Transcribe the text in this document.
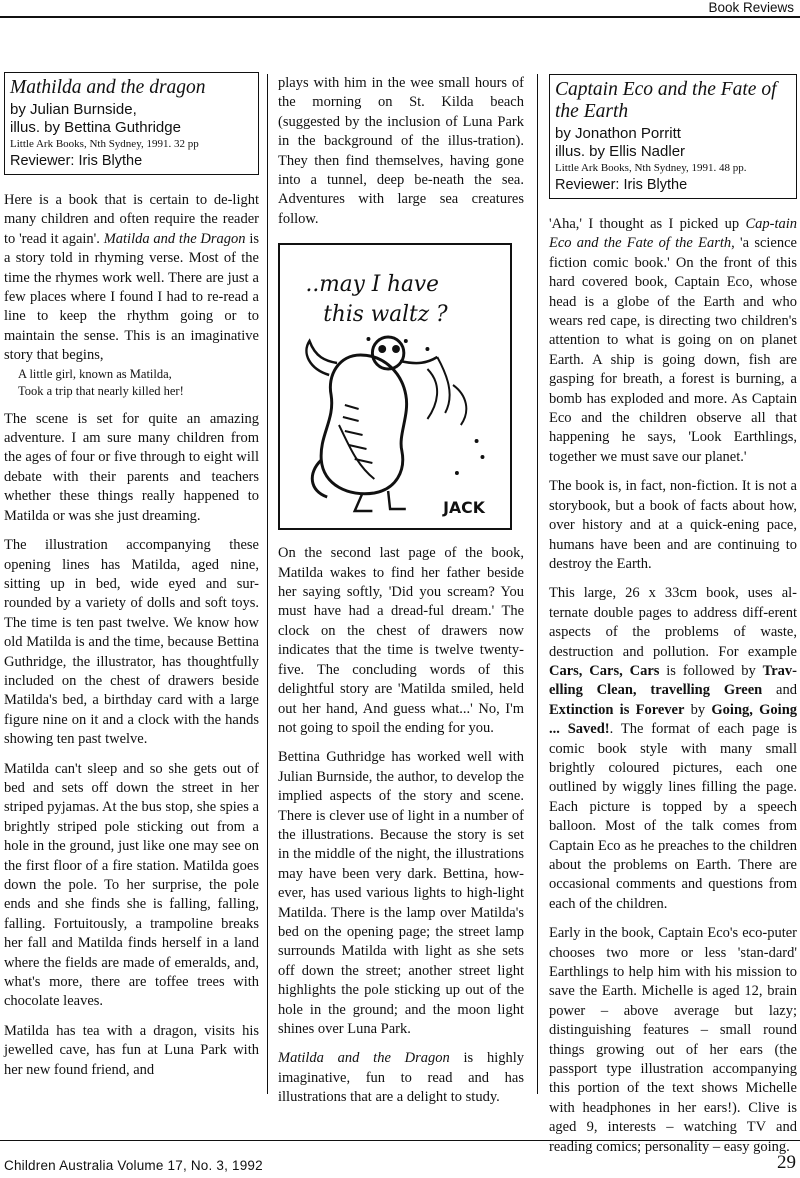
Book Reviews
Mathilda and the dragon
by Julian Burnside,
illus. by Bettina Guthridge
Little Ark Books, Nth Sydney, 1991. 32 pp
Reviewer: Iris Blythe

Here is a book that is certain to de-light many children and often require the reader to 'read it again'. Matilda and the Dragon is a story told in rhyming verse. Most of the time the rhymes work well. There are just a few places where I found I had to re-read a line to keep the rhythm going or to maintain the sense. This is an imaginative story that begins,

A little girl, known as Matilda,
Took a trip that nearly killed her!

The scene is set for quite an amazing adventure. I am sure many children from the ages of four or five through to eight will debate with their parents and teachers whether these things really happened to Matilda or was she just dreaming.

The illustration accompanying these opening lines has Matilda, aged nine, sitting up in bed, wide eyed and sur-rounded by a variety of dolls and soft toys. The time is ten past twelve. We know how old Matilda is and the time, because Bettina Guthridge, the illustrator, has thoughtfully included on the chest of drawers beside Matilda's bed, a birthday card with a large figure nine on it and a clock with the hands showing ten past twelve.

Matilda can't sleep and so she gets out of bed and sets off down the street in her striped pyjamas. At the bus stop, she spies a brightly striped pole sticking out from a hole in the ground, just like one may see on the first floor of a fire station. Matilda goes down the pole. To her surprise, the pole ends and she finds she is falling, falling, falling. Fortuitously, a trampoline breaks her fall and Matilda finds herself in a land where the fields are made of emeralds, and, what's more, there are toffee trees with chocolate leaves.

Matilda has tea with a dragon, visits his jewelled cave, has fun at Luna Park with her new found friend, and

plays with him in the wee small hours of the morning on St. Kilda beach (suggested by the inclusion of Luna Park in the background of the illus-tration). They then find themselves, having gone into a tunnel, deep be-neath the sea. Adventures with large sea creatures follow.

..may I have
this waltz ?
JACK

On the second last page of the book, Matilda wakes to find her father beside her saying softly, 'Did you scream? You must have had a dread-ful dream.' The clock on the chest of drawers now indicates that the time is twelve twenty-five. The concluding words of this delightful story are 'Matilda smiled, held out her hand, And guess what...' No, I'm not going to spoil the ending for you.

Bettina Guthridge has worked well with Julian Burnside, the author, to develop the implied aspects of the story and scene. There is clever use of light in a number of the illustrations. Because the story is set in the middle of the night, the illustrations may have been very dark. Bettina, how-ever, has used various lights to high-light Matilda. There is the lamp over Matilda's bed on the opening page; the street lamp surrounds Matilda with light as she sets off down the street; another street light highlights the pole sticking up out of the hole in the ground; and the moon light shines over Luna Park.

Matilda and the Dragon is highly imaginative, fun to read and has illustrations that are a delight to study.

Captain Eco and the Fate of the Earth
by Jonathon Porritt
illus. by Ellis Nadler
Little Ark Books, Nth Sydney, 1991. 48 pp.
Reviewer: Iris Blythe

'Aha,' I thought as I picked up Cap-tain Eco and the Fate of the Earth, 'a science fiction comic book.' On the front of this hard covered book, Captain Eco, whose head is a globe of the Earth and who wears red cape, is directing two children's attention to what is going on on planet Earth. A ship is going down, fish are gasping for breath, a forest is burning, a bomb has exploded and more. As Captain Eco and the children observe all that happening he says, 'Look Earthlings, together we must save our planet.'

The book is, in fact, non-fiction. It is not a storybook, but a book of facts about how, over history and at a quick-ening pace, humans have been and are continuing to destroy the Earth.

This large, 26 x 33cm book, uses al-ternate double pages to address diff-erent aspects of the problems of waste, destruction and pollution. For example Cars, Cars, Cars is followed by Trav-elling Clean, travelling Green and Extinction is Forever by Going, Going ... Saved!. The format of each page is comic book style with many small brightly coloured pictures, each one outlined by wiggly lines filling the page. Each picture is topped by a speech balloon. Most of the talk comes from Captain Eco as he preaches to the children about the problems on Earth. There are occasional comments and questions from each of the children.

Early in the book, Captain Eco's eco-puter chooses two more or less 'stan-dard' Earthlings to help him with his mission to save the Earth. Michelle is aged 12, brain power – above average but lazy; distinguishing features – small round things growing out of her ears (the passport type illustration accompanying this portion of the text shows Michelle with headphones in her ears!). Clive is aged 9, interests – watching TV and reading comics; personality – easy going.

Children Australia Volume 17, No. 3, 1992	29
